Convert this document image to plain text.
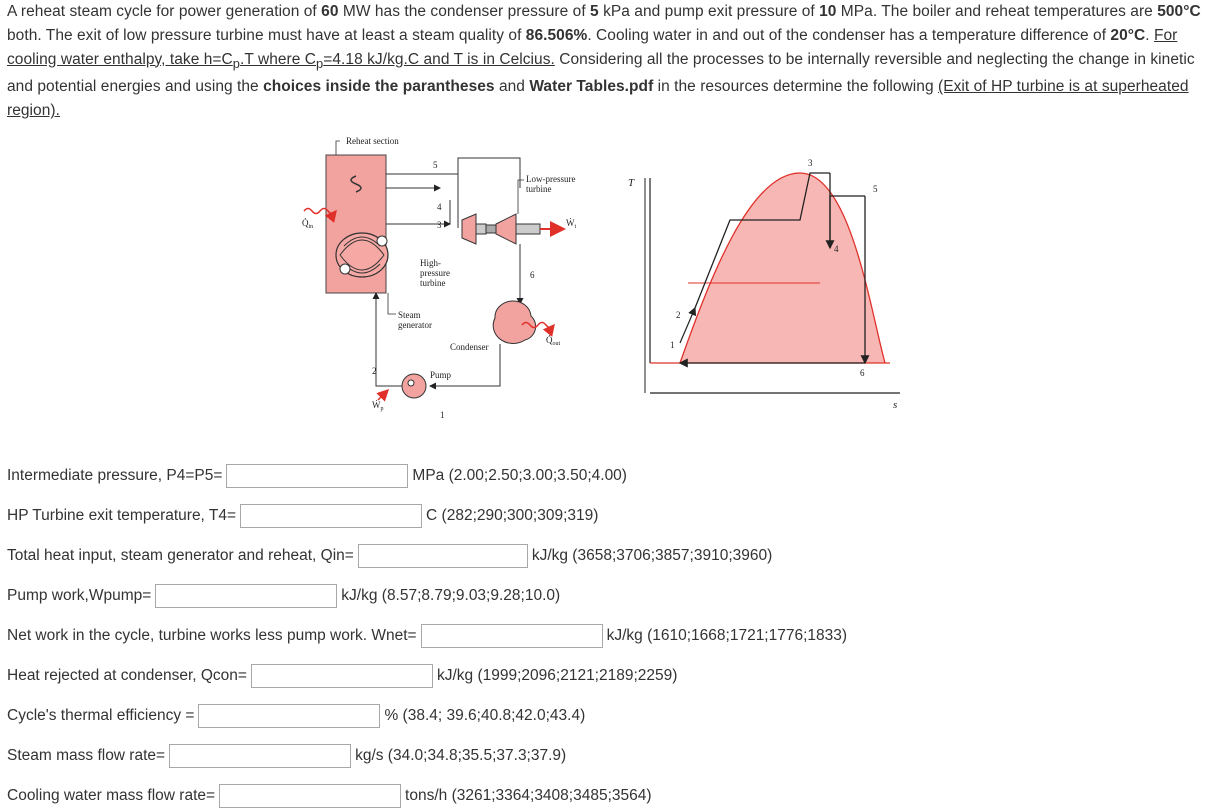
A reheat steam cycle for power generation of 60 MW has the condenser pressure of 5 kPa and pump exit pressure of 10 MPa. The boiler and reheat temperatures are 500°C both. The exit of low pressure turbine must have at least a steam quality of 86.506%. Cooling water in and out of the condenser has a temperature difference of 20°C. For cooling water enthalpy, take $h=C_p.T$ where $C_p=4.18$ kJ/kg.C and T is in Celcius. Considering all the processes to be internally reversible and neglecting the change in kinetic and potential energies and using the choices inside the parantheses and Water Tables.pdf in the resources determine the following (Exit of HP turbine is at superheated region).
Reheat section
Steam
generator
$Q̇_{in}$
5
4
3
High-
pressure
turbine
Ẇ$_t$
Low-pressure
turbine
6
$Q̇_{out}$
Condenser
Pump
1
2
Ẇ$_p$
T
s
1
2
3
4
5
6
Intermediate pressure, P4=P5=	MPa (2.00;2.50;3.00;3.50;4.00)
HP Turbine exit temperature, T4=	C (282;290;300;309;319)
Total heat input, steam generator and reheat, Qin=	kJ/kg (3658;3706;3857;3910;3960)
Pump work,Wpump=	kJ/kg (8.57;8.79;9.03;9.28;10.0)
Net work in the cycle, turbine works less pump work. Wnet=	kJ/kg (1610;1668;1721;1776;1833)
Heat rejected at condenser, Qcon=	kJ/kg (1999;2096;2121;2189;2259)
Cycle's thermal efficiency =	% (38.4; 39.6;40.8;42.0;43.4)
Steam mass flow rate=	kg/s (34.0;34.8;35.5;37.3;37.9)
Cooling water mass flow rate=	tons/h (3261;3364;3408;3485;3564)
